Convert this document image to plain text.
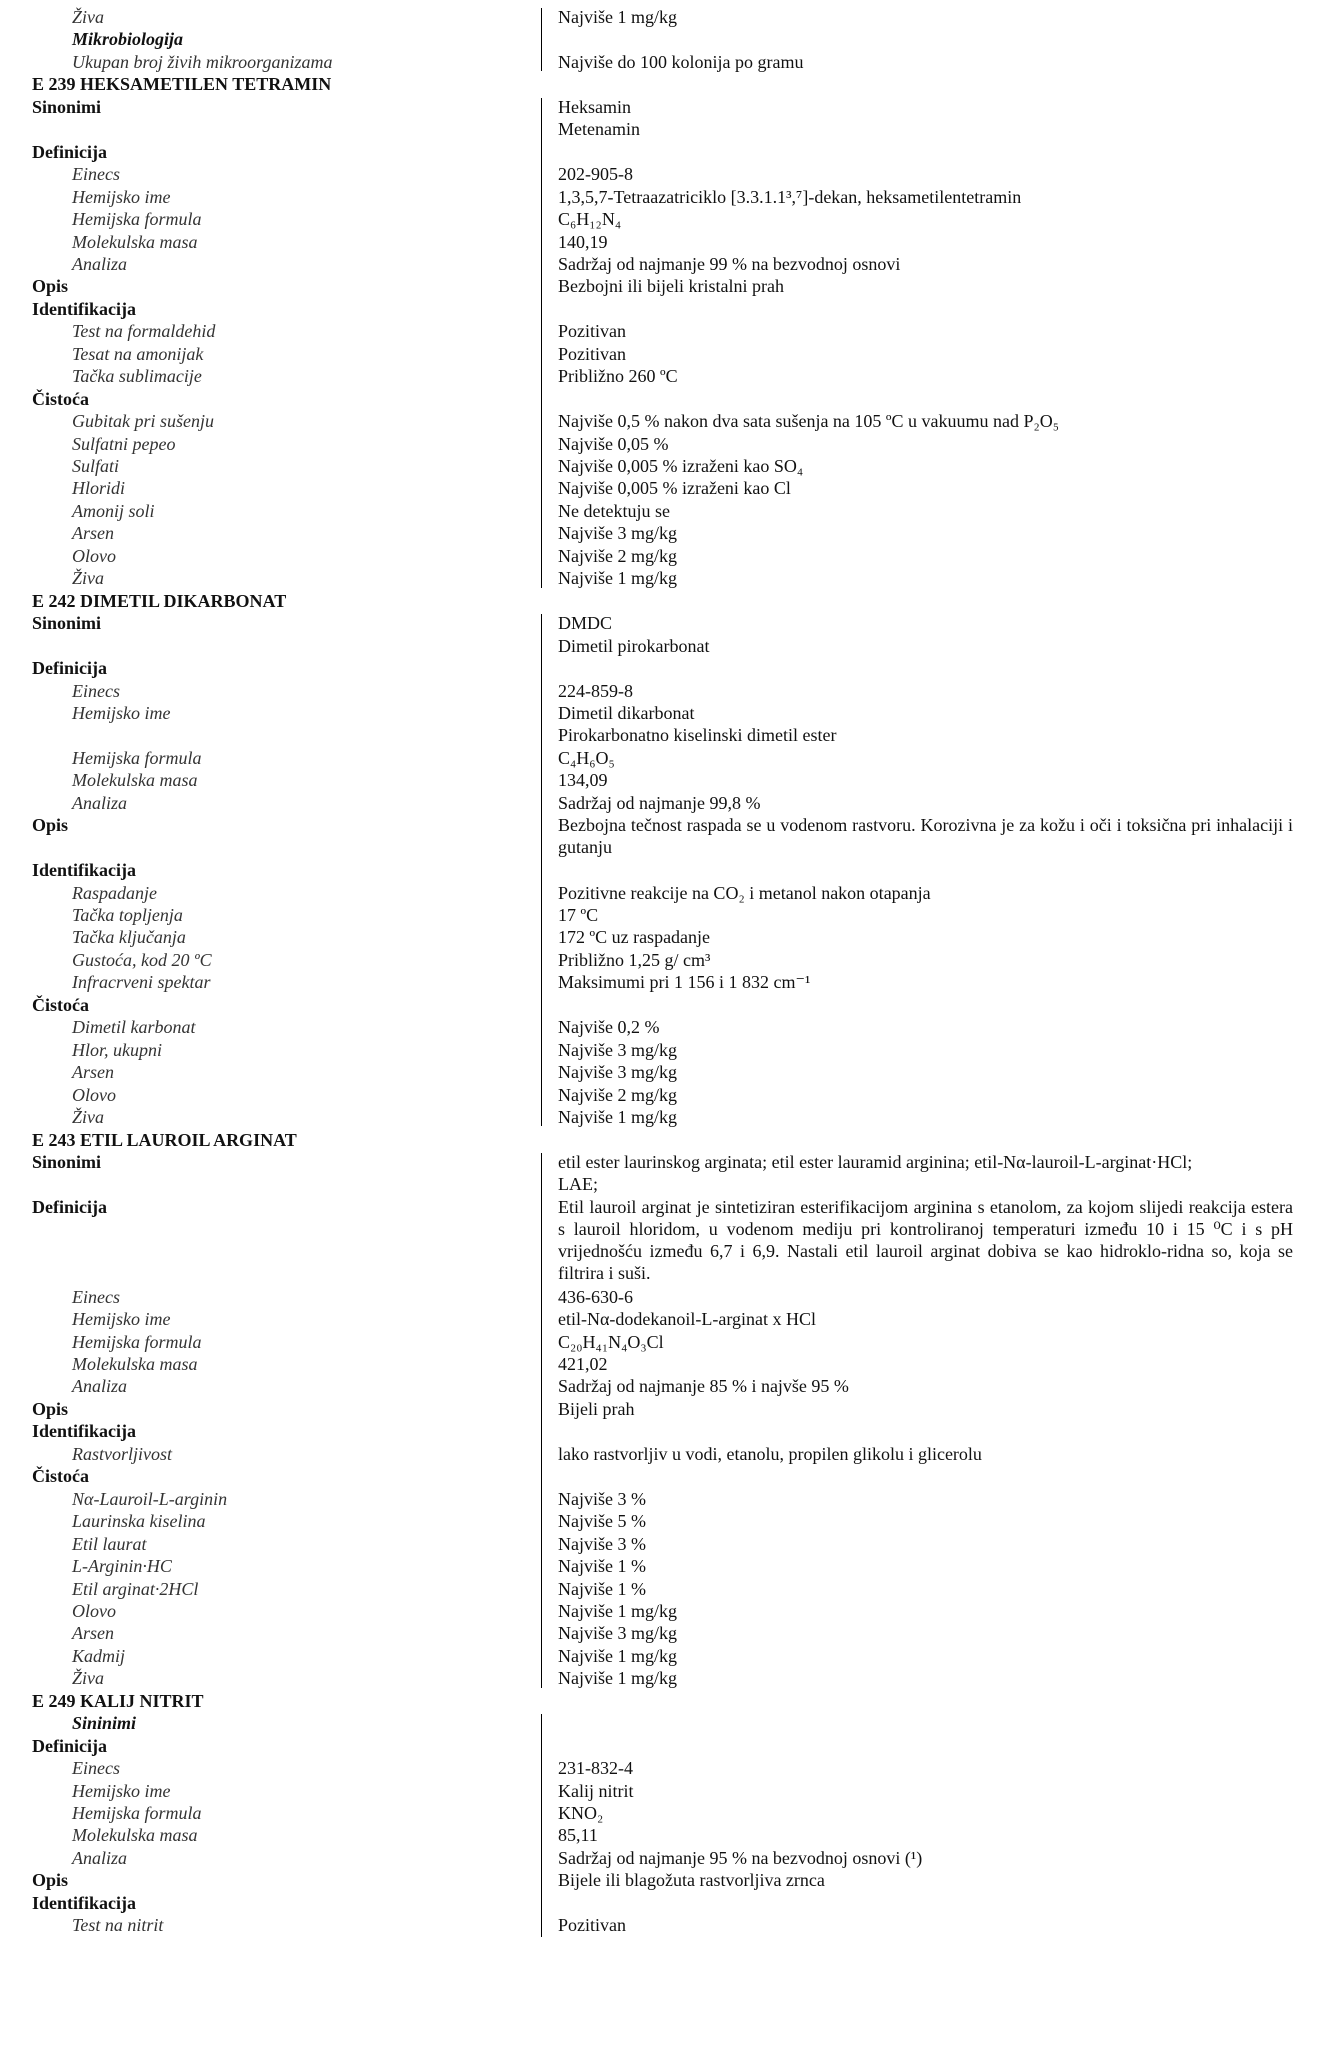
Živa	Najviše 1 mg/kg
Mikrobiologija
Ukupan broj živih mikroorganizama	Najviše do 100 kolonija po gramu
E 239 HEKSAMETILEN TETRAMIN
Sinonimi	Heksamin
Metenamin
Definicija
Einecs	202-905-8
Hemijsko ime	1,3,5,7-Tetraazatriciklo [3.3.1.1³,⁷]-dekan, heksametilentetramin
Hemijska formula	C₆H₁₂N₄
Molekulska masa	140,19
Analiza	Sadržaj od najmanje 99 % na bezvodnoj osnovi
Opis	Bezbojni ili bijeli kristalni prah
Identifikacija
Test na formaldehid	Pozitivan
Tesat na amonijak	Pozitivan
Tačka sublimacije	Približno 260 ºC
Čistoća
Gubitak pri sušenju	Najviše 0,5 % nakon dva sata sušenja na 105 ºC u vakuumu nad P₂O₅
Sulfatni pepeo	Najviše 0,05 %
Sulfati	Najviše 0,005 % izraženi kao SO₄
Hloridi	Najviše 0,005 % izraženi kao Cl
Amonij soli	Ne detektuju se
Arsen	Najviše 3 mg/kg
Olovo	Najviše 2 mg/kg
Živa	Najviše 1 mg/kg
E 242 DIMETIL DIKARBONAT
Sinonimi	DMDC
Dimetil pirokarbonat
Definicija
Einecs	224-859-8
Hemijsko ime	Dimetil dikarbonat
Pirokarbonatno kiselinski dimetil ester
Hemijska formula	C₄H₆O₅
Molekulska masa	134,09
Analiza	Sadržaj od najmanje 99,8 %
Opis	Bezbojna tečnost raspada se u vodenom rastvoru. Korozivna je za kožu i oči i toksična pri inhalaciji i gutanju
Identifikacija
Raspadanje	Pozitivne reakcije na CO₂ i metanol nakon otapanja
Tačka topljenja	17 ºC
Tačka ključanja	172 ºC uz raspadanje
Gustoća, kod 20 ºC	Približno 1,25 g/ cm³
Infracrveni spektar	Maksimumi pri 1 156 i 1 832 cm⁻¹
Čistoća
Dimetil karbonat	Najviše 0,2 %
Hlor, ukupni	Najviše 3 mg/kg
Arsen	Najviše 3 mg/kg
Olovo	Najviše 2 mg/kg
Živa	Najviše 1 mg/kg
E 243 ETIL LAUROIL ARGINAT
Sinonimi	etil ester laurinskog arginata; etil ester lauramid arginina; etil-Nα-lauroil-L-arginat·HCl;
LAE;
Definicija	Etil lauroil arginat je sintetiziran esterifikacijom arginina s etanolom, za kojom slijedi reakcija estera s lauroil hloridom, u vodenom mediju pri kontroliranoj temperaturi između 10 i 15 ⁰C i s pH vrijednošću između 6,7 i 6,9. Nastali etil lauroil arginat dobiva se kao hidroklo-ridna so, koja se filtrira i suši.
Einecs	436-630-6
Hemijsko ime	etil-Nα-dodekanoil-L-arginat x HCl
Hemijska formula	C₂₀H₄₁N₄O₃Cl
Molekulska masa	421,02
Analiza	Sadržaj od najmanje 85 % i najvše 95 %
Opis	Bijeli prah
Identifikacija
Rastvorljivost	lako rastvorljiv u vodi, etanolu, propilen glikolu i glicerolu
Čistoća
Nα-Lauroil-L-arginin	Najviše 3 %
Laurinska kiselina	Najviše 5 %
Etil laurat	Najviše 3 %
L-Arginin·HC	Najviše 1 %
Etil arginat·2HCl	Najviše 1 %
Olovo	Najviše 1 mg/kg
Arsen	Najviše 3 mg/kg
Kadmij	Najviše 1 mg/kg
Živa	Najviše 1 mg/kg
E 249 KALIJ NITRIT
Sininimi
Definicija
Einecs	231-832-4
Hemijsko ime	Kalij nitrit
Hemijska formula	KNO₂
Molekulska masa	85,11
Analiza	Sadržaj od najmanje 95 % na bezvodnoj osnovi (¹)
Opis	Bijele ili blagožuta rastvorljiva zrnca
Identifikacija
Test na nitrit	Pozitivan
